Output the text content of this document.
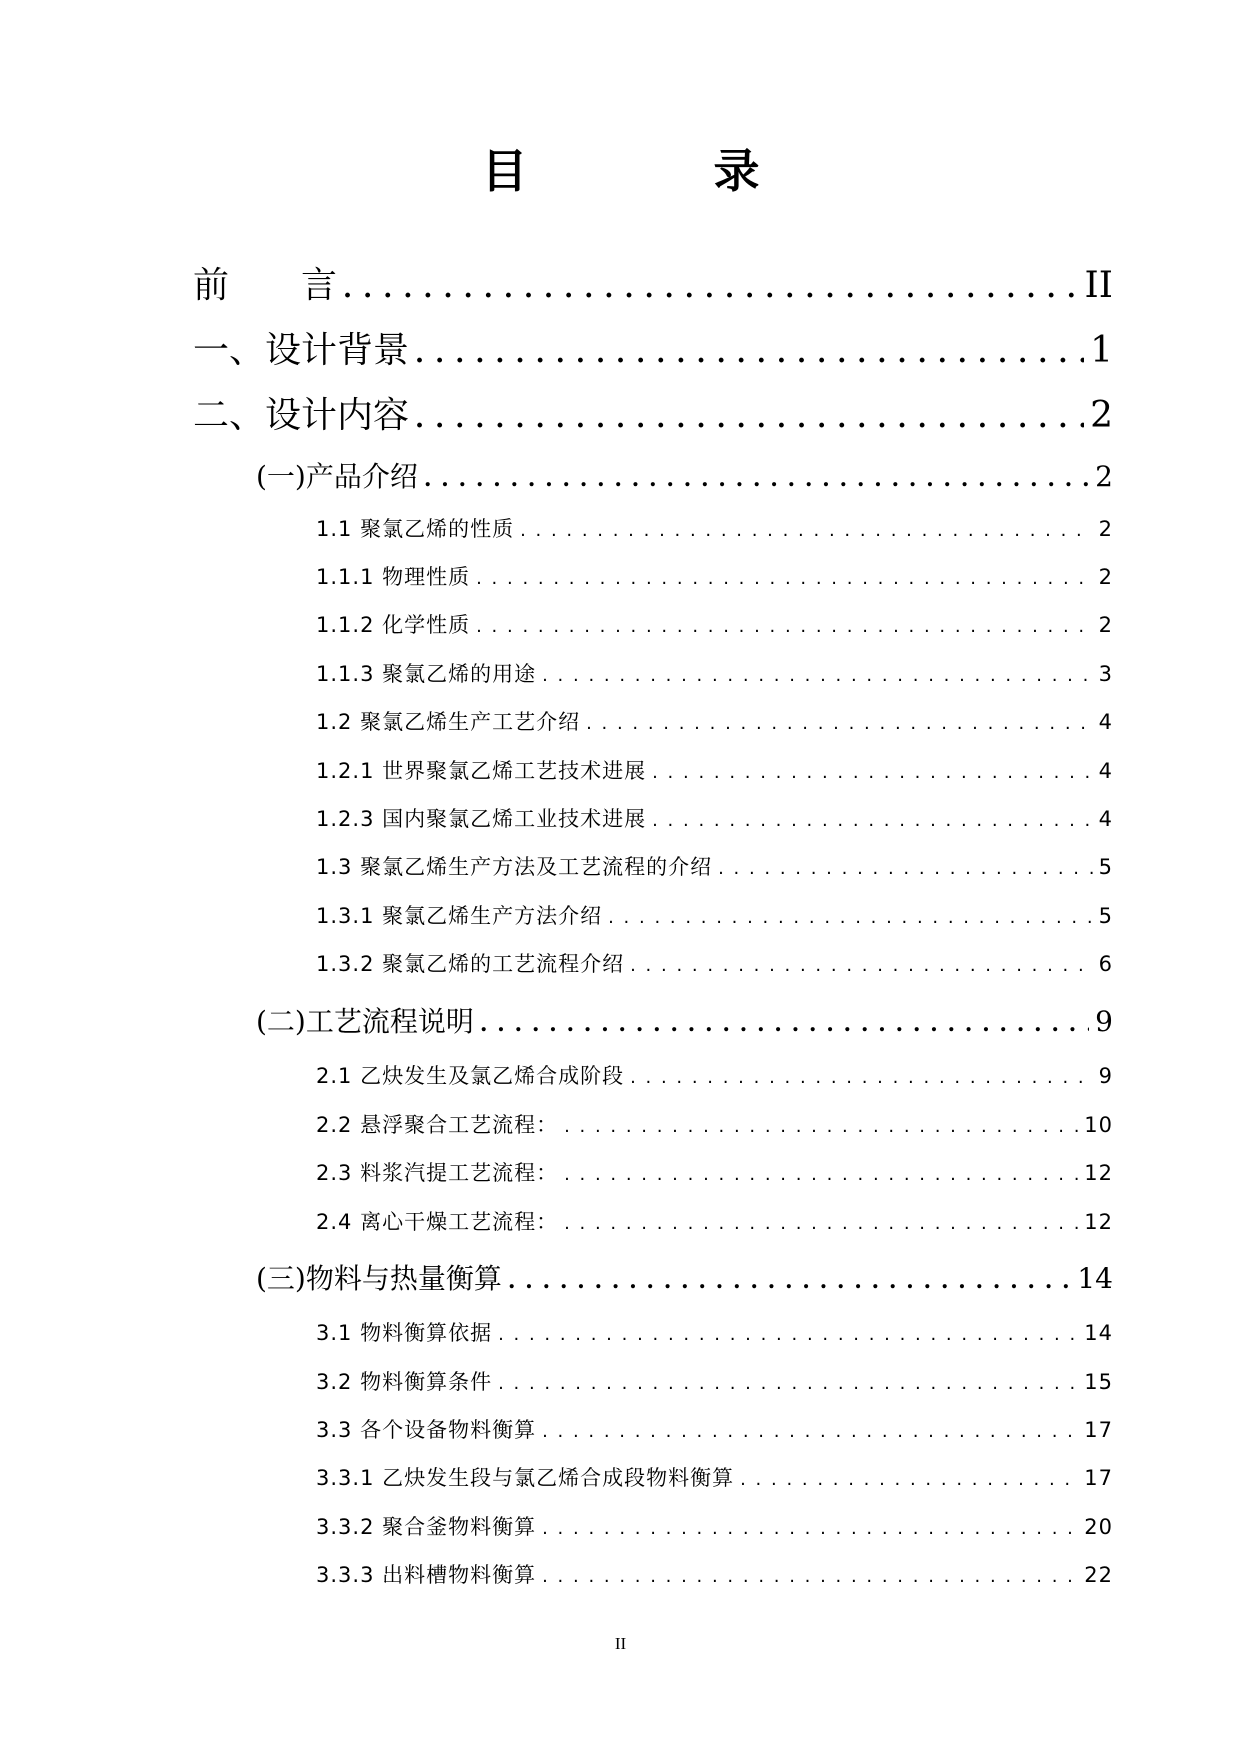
目　录
前　　言 . . .	II
一、设计背景 . . .	1
二、设计内容 . . .	2
(一)产品介绍 . . .	2
1.1 聚氯乙烯的性质 . . .	2
1.1.1 物理性质 . . .	2
1.1.2 化学性质 . . .	2
1.1.3 聚氯乙烯的用途 . . .	3
1.2 聚氯乙烯生产工艺介绍 . . .	4
1.2.1 世界聚氯乙烯工艺技术进展 . . .	4
1.2.3 国内聚氯乙烯工业技术进展 . . .	4
1.3 聚氯乙烯生产方法及工艺流程的介绍 . . .	5
1.3.1 聚氯乙烯生产方法介绍 . . .	5
1.3.2 聚氯乙烯的工艺流程介绍 . . .	6
(二)工艺流程说明 . . .	9
2.1 乙炔发生及氯乙烯合成阶段 . . .	9
2.2 悬浮聚合工艺流程： . . .	10
2.3 料浆汽提工艺流程： . . .	12
2.4 离心干燥工艺流程： . . .	12
(三)物料与热量衡算 . . .	14
3.1 物料衡算依据 . . .	14
3.2 物料衡算条件 . . .	15
3.3 各个设备物料衡算 . . .	17
3.3.1 乙炔发生段与氯乙烯合成段物料衡算 . . .	17
3.3.2 聚合釜物料衡算 . . .	20
3.3.3 出料槽物料衡算 . . .	22
II
